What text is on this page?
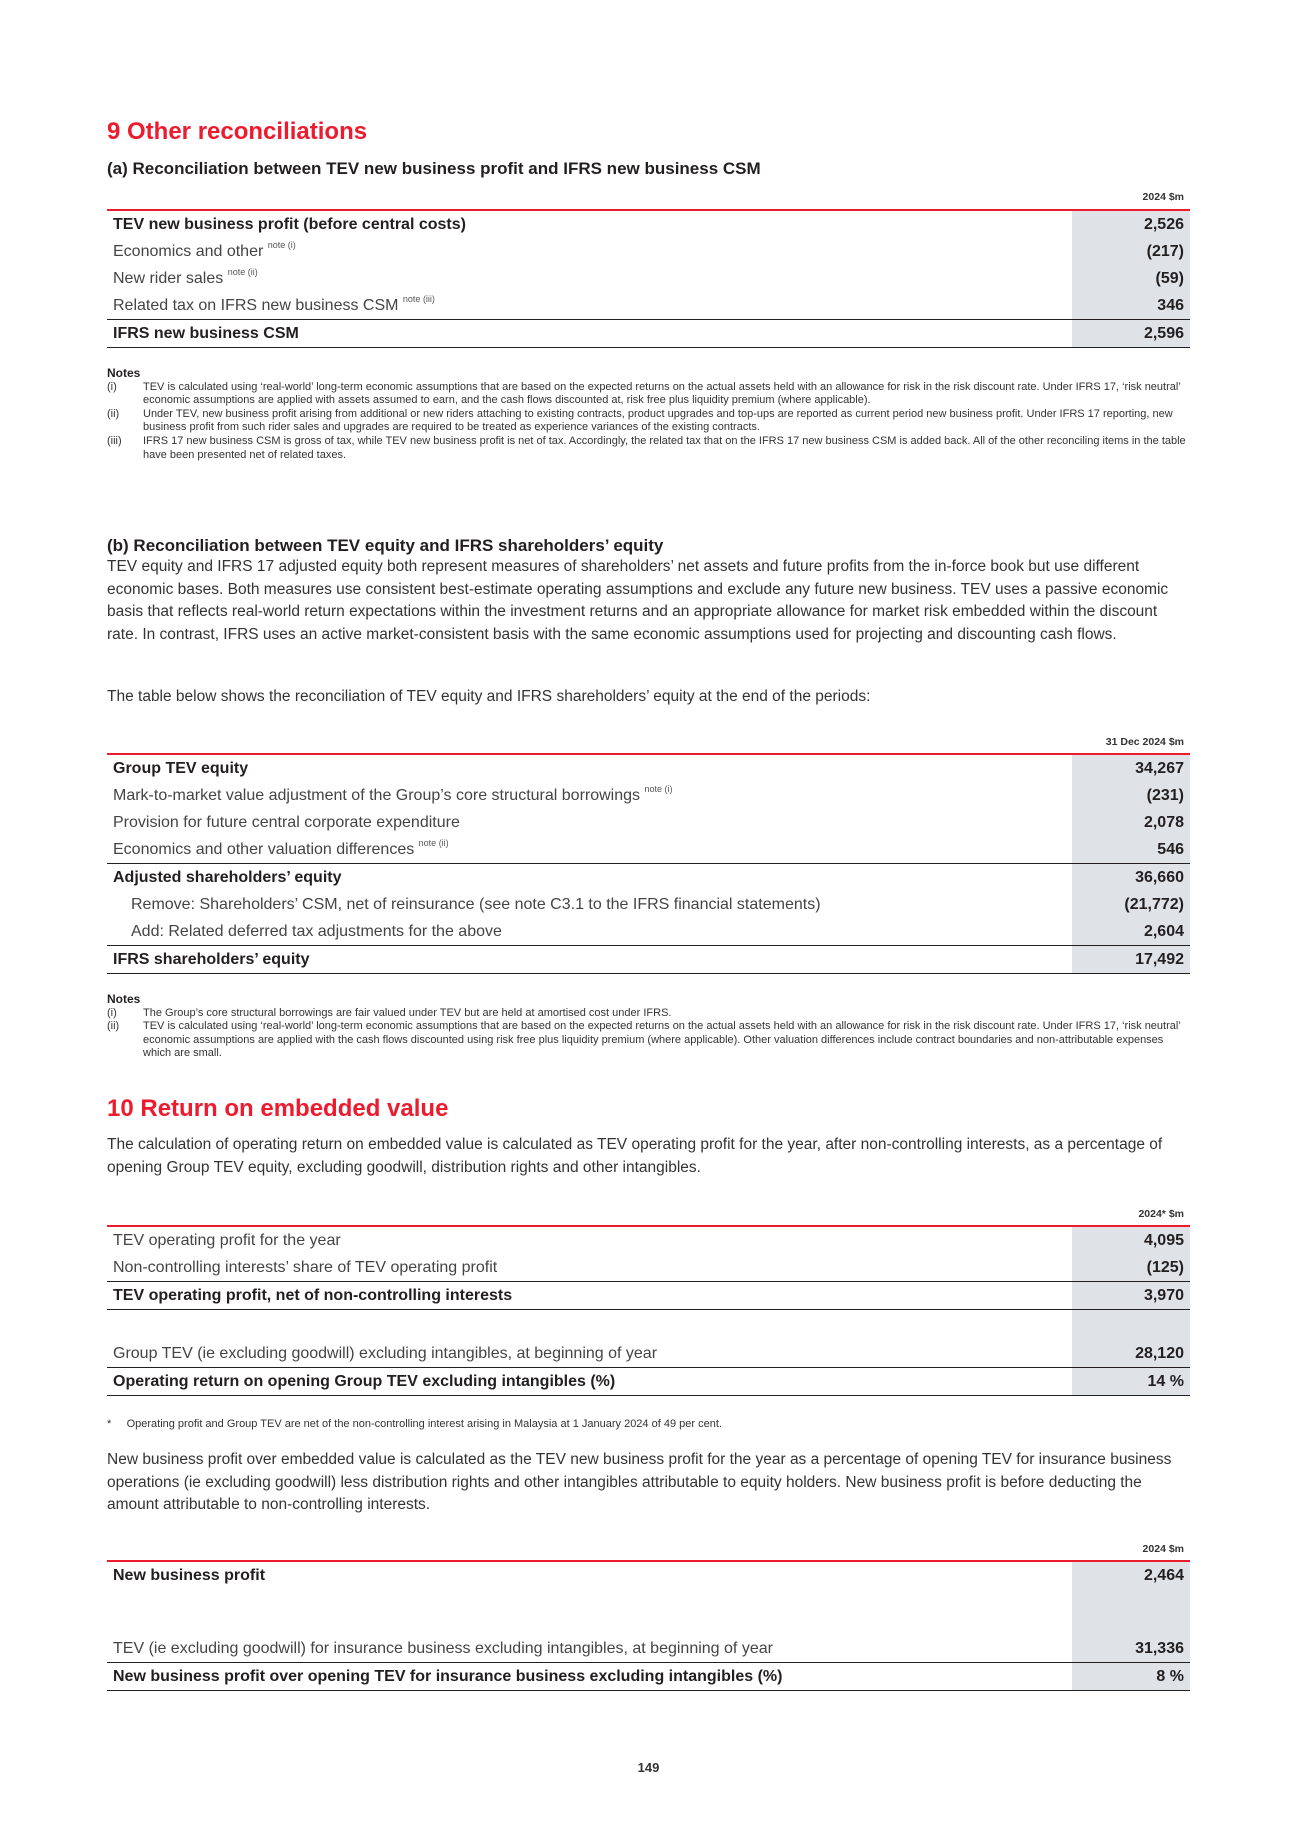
9 Other reconciliations
(a) Reconciliation between TEV new business profit and IFRS new business CSM
2024 $m
TEV new business profit (before central costs)	2,526
Economics and other $^{note (i)}$	(217)
New rider sales $^{note (ii)}$	(59)
Related tax on IFRS new business CSM $^{note (iii)}$	346
IFRS new business CSM	2,596
Notes
(i)	TEV is calculated using ‘real-world’ long-term economic assumptions that are based on the expected returns on the actual assets held with an allowance for risk in the risk discount rate. Under IFRS 17, ‘risk neutral’ economic assumptions are applied with assets assumed to earn, and the cash flows discounted at, risk free plus liquidity premium (where applicable).
(ii)	Under TEV, new business profit arising from additional or new riders attaching to existing contracts, product upgrades and top-ups are reported as current period new business profit. Under IFRS 17 reporting, new business profit from such rider sales and upgrades are required to be treated as experience variances of the existing contracts.
(iii)	IFRS 17 new business CSM is gross of tax, while TEV new business profit is net of tax. Accordingly, the related tax that on the IFRS 17 new business CSM is added back. All of the other reconciling items in the table have been presented net of related taxes.
(b) Reconciliation between TEV equity and IFRS shareholders’ equity

TEV equity and IFRS 17 adjusted equity both represent measures of shareholders’ net assets and future profits from the in-force book but use different economic bases. Both measures use consistent best-estimate operating assumptions and exclude any future new business. TEV uses a passive economic basis that reflects real-world return expectations within the investment returns and an appropriate allowance for market risk embedded within the discount rate. In contrast, IFRS uses an active market-consistent basis with the same economic assumptions used for projecting and discounting cash flows.

The table below shows the reconciliation of TEV equity and IFRS shareholders’ equity at the end of the periods:

31 Dec 2024 $m
Group TEV equity	34,267
Mark-to-market value adjustment of the Group’s core structural borrowings $^{note (i)}$	(231)
Provision for future central corporate expenditure	2,078
Economics and other valuation differences $^{note (ii)}$	546
Adjusted shareholders’ equity	36,660
Remove: Shareholders’ CSM, net of reinsurance (see note C3.1 to the IFRS financial statements)	(21,772)
Add: Related deferred tax adjustments for the above	2,604
IFRS shareholders’ equity	17,492
Notes
(i)	The Group’s core structural borrowings are fair valued under TEV but are held at amortised cost under IFRS.
(ii)	TEV is calculated using ‘real-world’ long-term economic assumptions that are based on the expected returns on the actual assets held with an allowance for risk in the risk discount rate. Under IFRS 17, ‘risk neutral’ economic assumptions are applied with the cash flows discounted using risk free plus liquidity premium (where applicable). Other valuation differences include contract boundaries and non-attributable expenses which are small.
10 Return on embedded value

The calculation of operating return on embedded value is calculated as TEV operating profit for the year, after non-controlling interests, as a percentage of opening Group TEV equity, excluding goodwill, distribution rights and other intangibles.

2024* $m
TEV operating profit for the year	4,095
Non-controlling interests’ share of TEV operating profit	(125)
TEV operating profit, net of non-controlling interests	3,970

Group TEV (ie excluding goodwill) excluding intangibles, at beginning of year	28,120
Operating return on opening Group TEV excluding intangibles (%)	14 %
* Operating profit and Group TEV are net of the non-controlling interest arising in Malaysia at 1 January 2024 of 49 per cent.

New business profit over embedded value is calculated as the TEV new business profit for the year as a percentage of opening TEV for insurance business operations (ie excluding goodwill) less distribution rights and other intangibles attributable to equity holders. New business profit is before deducting the amount attributable to non-controlling interests.

2024 $m
New business profit	2,464

TEV (ie excluding goodwill) for insurance business excluding intangibles, at beginning of year	31,336
New business profit over opening TEV for insurance business excluding intangibles (%)	8 %
149
